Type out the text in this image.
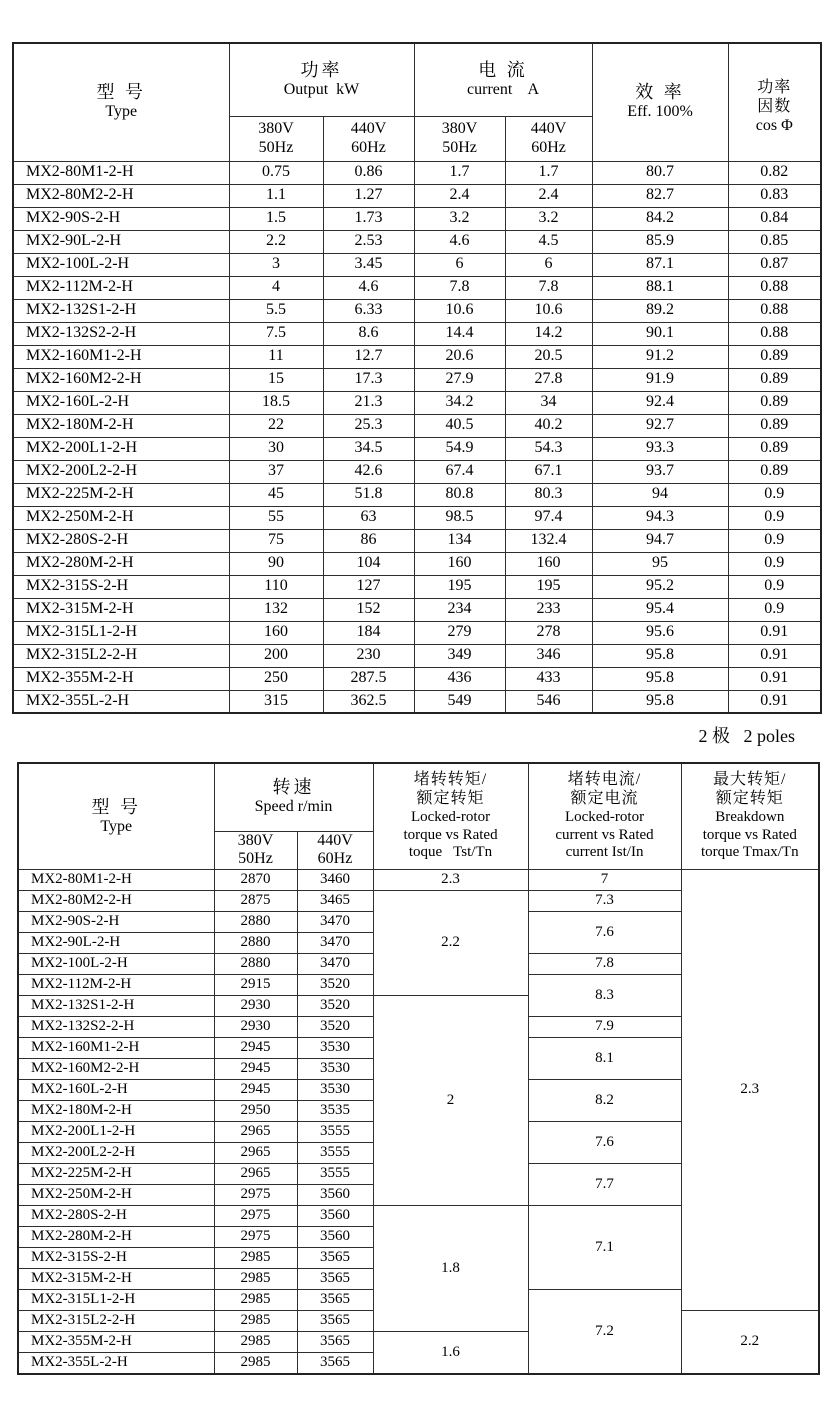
型 号
Type	功率
Output  kW		电 流
current    A		效 率
Eff. 100%	功率
因数
cos Φ

	380V
50Hz	440V
60Hz	380V
50Hz	440V
60Hz		

MX2-80M1-2-H	0.75	0.86	1.7	1.7	80.7	0.82
MX2-80M2-2-H	1.1	1.27	2.4	2.4	82.7	0.83
MX2-90S-2-H	1.5	1.73	3.2	3.2	84.2	0.84
MX2-90L-2-H	2.2	2.53	4.6	4.5	85.9	0.85
MX2-100L-2-H	3	3.45	6	6	87.1	0.87
MX2-112M-2-H	4	4.6	7.8	7.8	88.1	0.88
MX2-132S1-2-H	5.5	6.33	10.6	10.6	89.2	0.88
MX2-132S2-2-H	7.5	8.6	14.4	14.2	90.1	0.88
MX2-160M1-2-H	11	12.7	20.6	20.5	91.2	0.89
MX2-160M2-2-H	15	17.3	27.9	27.8	91.9	0.89
MX2-160L-2-H	18.5	21.3	34.2	34	92.4	0.89
MX2-180M-2-H	22	25.3	40.5	40.2	92.7	0.89
MX2-200L1-2-H	30	34.5	54.9	54.3	93.3	0.89
MX2-200L2-2-H	37	42.6	67.4	67.1	93.7	0.89
MX2-225M-2-H	45	51.8	80.8	80.3	94	0.9
MX2-250M-2-H	55	63	98.5	97.4	94.3	0.9
MX2-280S-2-H	75	86	134	132.4	94.7	0.9
MX2-280M-2-H	90	104	160	160	95	0.9
MX2-315S-2-H	110	127	195	195	95.2	0.9
MX2-315M-2-H	132	152	234	233	95.4	0.9
MX2-315L1-2-H	160	184	279	278	95.6	0.91
MX2-315L2-2-H	200	230	349	346	95.8	0.91
MX2-355M-2-H	250	287.5	436	433	95.8	0.91
MX2-355L-2-H	315	362.5	549	546	95.8	0.91
2 极   2 poles
型 号
Type	转速
Speed r/min		堵转转矩/
额定转矩
Locked-rotor
torque vs Rated
toque   Tst/Tn	堵转电流/
额定电流
Locked-rotor
current vs Rated
current Ist/In	最大转矩/
额定转矩
Breakdown
torque vs Rated
torque Tmax/Tn

	380V
50Hz	440V
60Hz			

MX2-80M1-2-H	2870	3460	2.3	7	2.3
MX2-80M2-2-H	2875	3465	2.2	7.3	
MX2-90S-2-H	2880	3470		7.6	
MX2-90L-2-H	2880	3470			
MX2-100L-2-H	2880	3470		7.8	
MX2-112M-2-H	2915	3520		8.3	
MX2-132S1-2-H	2930	3520	2		
MX2-132S2-2-H	2930	3520		7.9	
MX2-160M1-2-H	2945	3530		8.1	
MX2-160M2-2-H	2945	3530			
MX2-160L-2-H	2945	3530		8.2	
MX2-180M-2-H	2950	3535			
MX2-200L1-2-H	2965	3555		7.6	
MX2-200L2-2-H	2965	3555			
MX2-225M-2-H	2965	3555		7.7	
MX2-250M-2-H	2975	3560			
MX2-280S-2-H	2975	3560	1.8	7.1	
MX2-280M-2-H	2975	3560			
MX2-315S-2-H	2985	3565			
MX2-315M-2-H	2985	3565			
MX2-315L1-2-H	2985	3565		7.2	
MX2-315L2-2-H	2985	3565			2.2
MX2-355M-2-H	2985	3565	1.6		
MX2-355L-2-H	2985	3565			
